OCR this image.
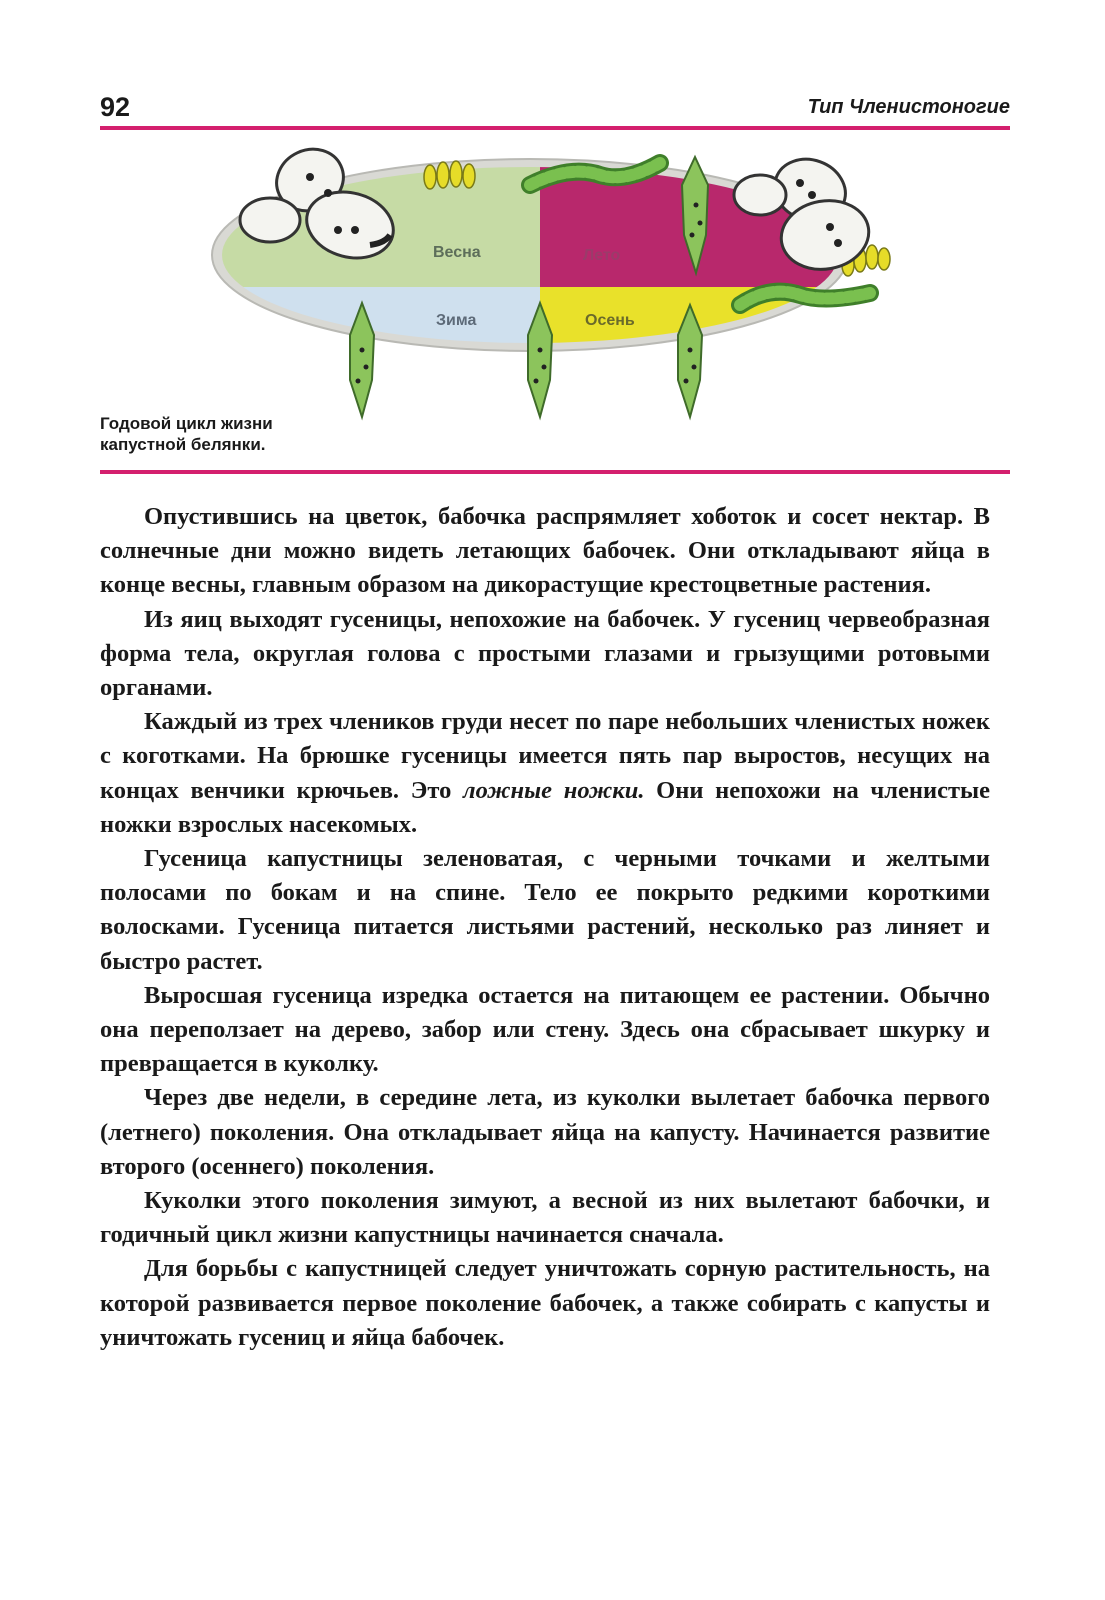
92	Тип Членистоногие
Весна	Лето
Зима	Осень
Годовой цикл жизни капустной белянки.

Опустившись на цветок, бабочка распрямляет хоботок и сосет нектар. В солнечные дни можно видеть летающих бабочек. Они откладывают яйца в конце весны, главным образом на дикорастущие крестоцветные растения.

Из яиц выходят гусеницы, непохожие на бабочек. У гусениц червеобразная форма тела, округлая голова с простыми глазами и грызущими ротовыми органами.

Каждый из трех члеников груди несет по паре небольших членистых ножек с коготками. На брюшке гусеницы имеется пять пар выростов, несущих на концах венчики крючьев. Это ложные ножки. Они непохожи на членистые ножки взрослых насекомых.

Гусеница капустницы зеленоватая, с черными точками и желтыми полосами по бокам и на спине. Тело ее покрыто редкими короткими волосками. Гусеница питается листьями растений, несколько раз линяет и быстро растет.

Выросшая гусеница изредка остается на питающем ее растении. Обычно она переползает на дерево, забор или стену. Здесь она сбрасывает шкурку и превращается в куколку.

Через две недели, в середине лета, из куколки вылетает бабочка первого (летнего) поколения. Она откладывает яйца на капусту. Начинается развитие второго (осеннего) поколения.

Куколки этого поколения зимуют, а весной из них вылетают бабочки, и годичный цикл жизни капустницы начинается сначала.

Для борьбы с капустницей следует уничтожать сорную растительность, на которой развивается первое поколение бабочек, а также собирать с капусты и уничтожать гусениц и яйца бабочек.
